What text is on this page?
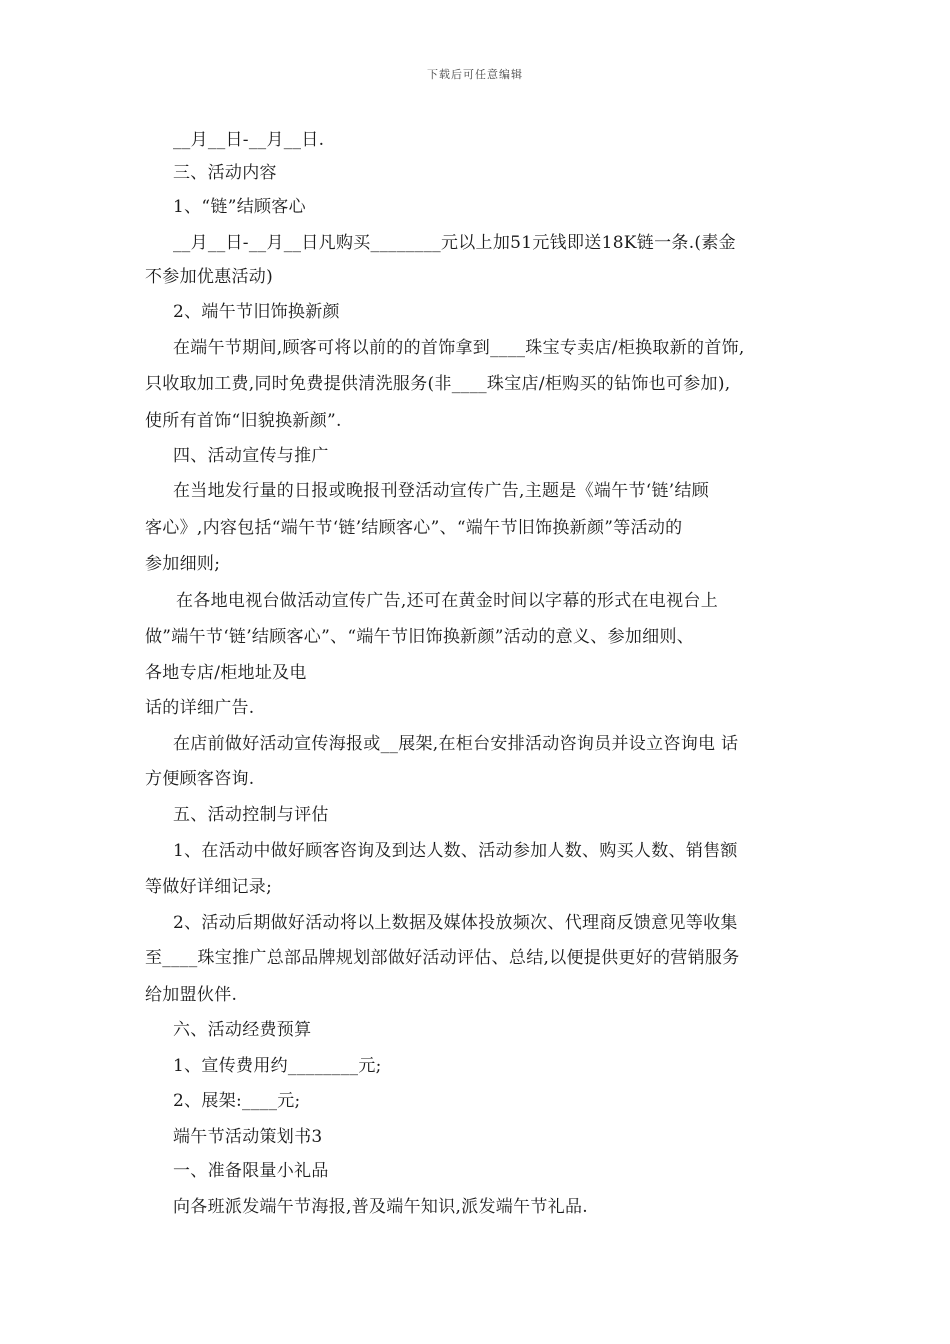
下载后可任意编辑
__月__日-__月__日.
三、活动内容
1、“链”结顾客心
__月__日-__月__日凡购买________元以上加51元钱即送18K链一条.(素金
不参加优惠活动)
2、端午节旧饰换新颜
在端午节期间,顾客可将以前的的首饰拿到____珠宝专卖店/柜换取新的首饰,
只收取加工费,同时免费提供清洗服务(非____珠宝店/柜购买的钻饰也可参加),
使所有首饰“旧貌换新颜”.
四、活动宣传与推广
在当地发行量的日报或晚报刊登活动宣传广告,主题是《端午节‘链’结顾
客心》,内容包括“端午节‘链’结顾客心”、“端午节旧饰换新颜”等活动的
参加细则;
在各地电视台做活动宣传广告,还可在黄金时间以字幕的形式在电视台上
做”端午节‘链’结顾客心”、“端午节旧饰换新颜”活动的意义、参加细则、
各地专店/柜地址及电
话的详细广告.
在店前做好活动宣传海报或__展架,在柜台安排活动咨询员并设立咨询电 话
方便顾客咨询.
五、活动控制与评估
1、在活动中做好顾客咨询及到达人数、活动参加人数、购买人数、销售额
等做好详细记录;
2、活动后期做好活动将以上数据及媒体投放频次、代理商反馈意见等收集
至____珠宝推广总部品牌规划部做好活动评估、总结,以便提供更好的营销服务
给加盟伙伴.
六、活动经费预算
1、宣传费用约________元;
2、展架:____元;
端午节活动策划书3
一、准备限量小礼品
向各班派发端午节海报,普及端午知识,派发端午节礼品.
